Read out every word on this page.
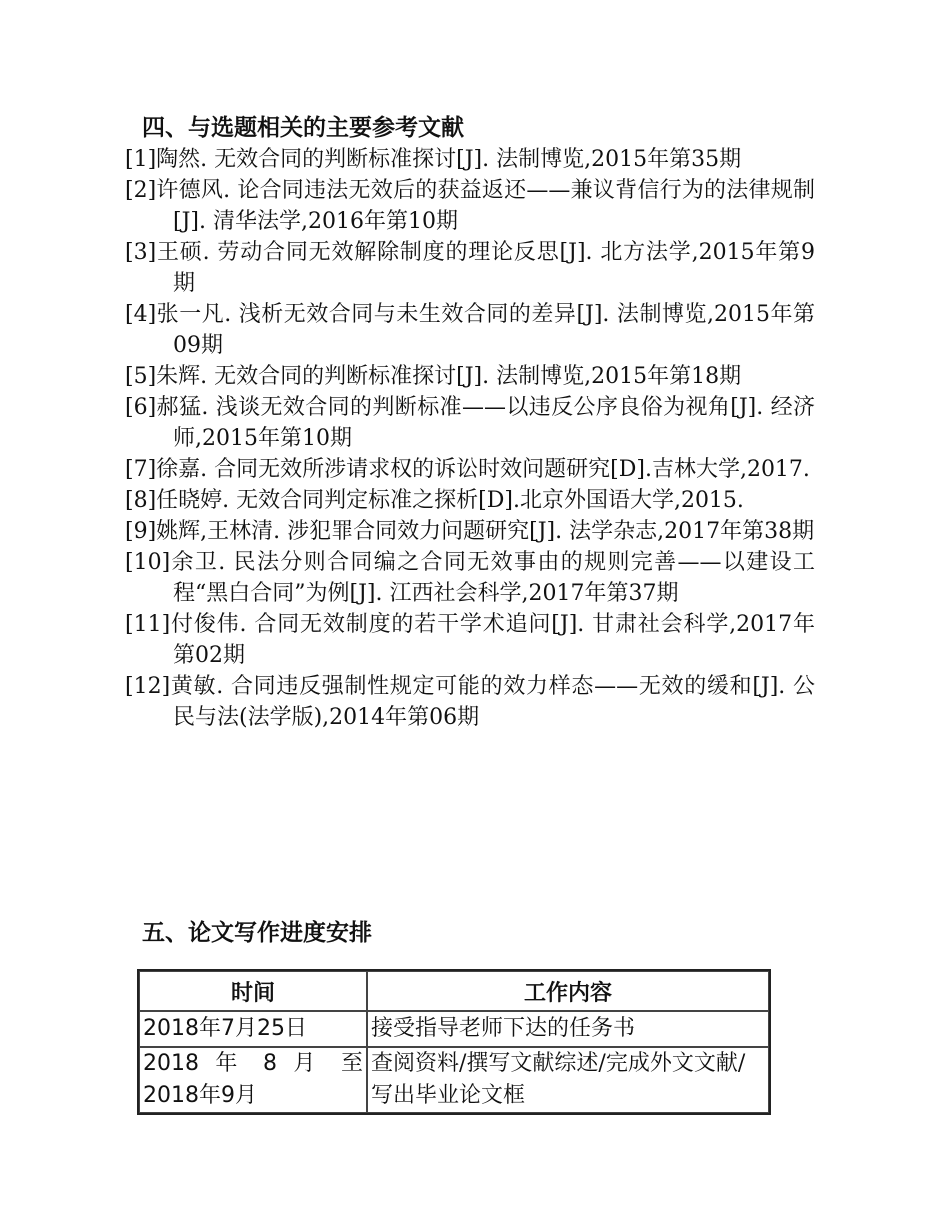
四、与选题相关的主要参考文献
[1]陶然. 无效合同的判断标准探讨[J]. 法制博览,2015年第35期
[2]许德风. 论合同违法无效后的获益返还——兼议背信行为的法律规制[J]. 清华法学,2016年第10期
[3]王硕. 劳动合同无效解除制度的理论反思[J]. 北方法学,2015年第9期
[4]张一凡. 浅析无效合同与未生效合同的差异[J]. 法制博览,2015年第09期
[5]朱辉. 无效合同的判断标准探讨[J]. 法制博览,2015年第18期
[6]郝猛. 浅谈无效合同的判断标准——以违反公序良俗为视角[J]. 经济师,2015年第10期
[7]徐嘉. 合同无效所涉请求权的诉讼时效问题研究[D].吉林大学,2017.
[8]任晓婷. 无效合同判定标准之探析[D].北京外国语大学,2015.
[9]姚辉,王林清. 涉犯罪合同效力问题研究[J]. 法学杂志,2017年第38期
[10]余卫. 民法分则合同编之合同无效事由的规则完善——以建设工程“黑白合同”为例[J]. 江西社会科学,2017年第37期
[11]付俊伟. 合同无效制度的若干学术追问[J]. 甘肃社会科学,2017年第02期
[12]黄敏. 合同违反强制性规定可能的效力样态——无效的缓和[J]. 公民与法(法学版),2014年第06期
五、论文写作进度安排
时间	工作内容
2018年7月25日	接受指导老师下达的任务书
2018 年 8 月 至 2018年9月	查阅资料/撰写文献综述/完成外文文献/写出毕业论文框
